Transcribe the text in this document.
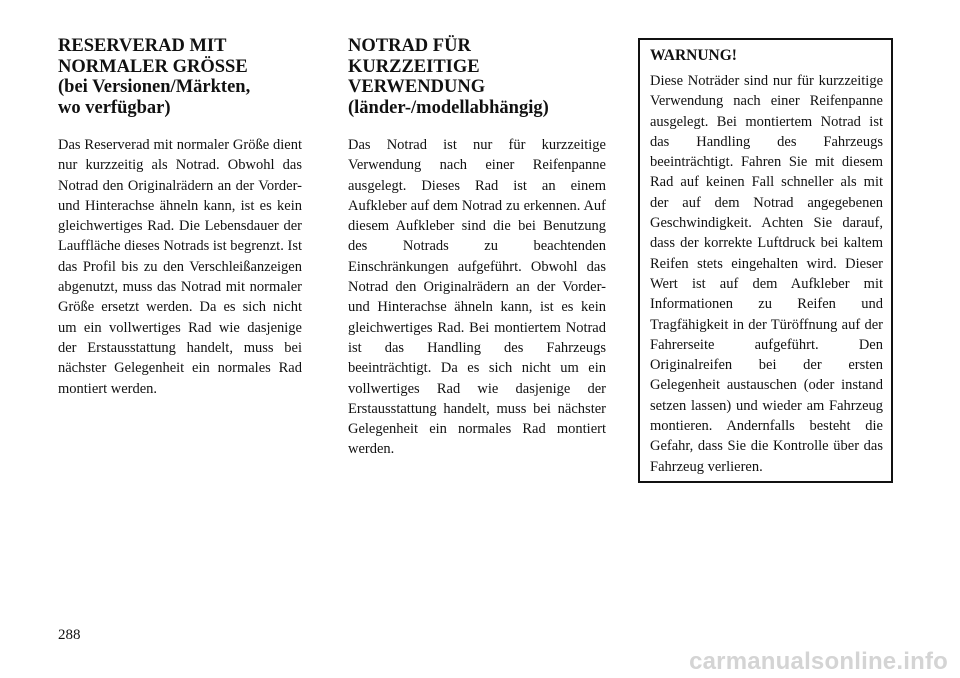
RESERVERAD MIT
NORMALER GRÖSSE
(bei Versionen/Märkten,
wo verfügbar)

Das Reserverad mit normaler Größe dient nur kurzzeitig als Notrad. Obwohl das Notrad den Originalrädern an der Vorder- und Hinterachse ähneln kann, ist es kein gleichwertiges Rad. Die Lebensdauer der Lauffläche dieses Notrads ist begrenzt. Ist das Profil bis zu den Verschleißanzeigen abgenutzt, muss das Notrad mit normaler Größe ersetzt werden. Da es sich nicht um ein vollwertiges Rad wie dasjenige der Erstausstattung handelt, muss bei nächster Gelegenheit ein normales Rad montiert werden.

NOTRAD FÜR
KURZZEITIGE
VERWENDUNG
(länder-/modellabhängig)

Das Notrad ist nur für kurzzeitige Verwendung nach einer Reifenpanne ausgelegt. Dieses Rad ist an einem Aufkleber auf dem Notrad zu erkennen. Auf diesem Aufkleber sind die bei Benutzung des Notrads zu beachtenden Einschränkungen aufgeführt. Obwohl das Notrad den Originalrädern an der Vorder- und Hinterachse ähneln kann, ist es kein gleichwertiges Rad. Bei montiertem Notrad ist das Handling des Fahrzeugs beeinträchtigt. Da es sich nicht um ein vollwertiges Rad wie dasjenige der Erstausstattung handelt, muss bei nächster Gelegenheit ein normales Rad montiert werden.

WARNUNG!

Diese Noträder sind nur für kurzzeitige Verwendung nach einer Reifenpanne ausgelegt. Bei montiertem Notrad ist das Handling des Fahrzeugs beeinträchtigt. Fahren Sie mit diesem Rad auf keinen Fall schneller als mit der auf dem Notrad angegebenen Geschwindigkeit. Achten Sie darauf, dass der korrekte Luftdruck bei kaltem Reifen stets eingehalten wird. Dieser Wert ist auf dem Aufkleber mit Informationen zu Reifen und Tragfähigkeit in der Türöffnung auf der Fahrerseite aufgeführt. Den Originalreifen bei der ersten Gelegenheit austauschen (oder instand setzen lassen) und wieder am Fahrzeug montieren. Andernfalls besteht die Gefahr, dass Sie die Kontrolle über das Fahrzeug verlieren.

288
carmanualsonline.info
